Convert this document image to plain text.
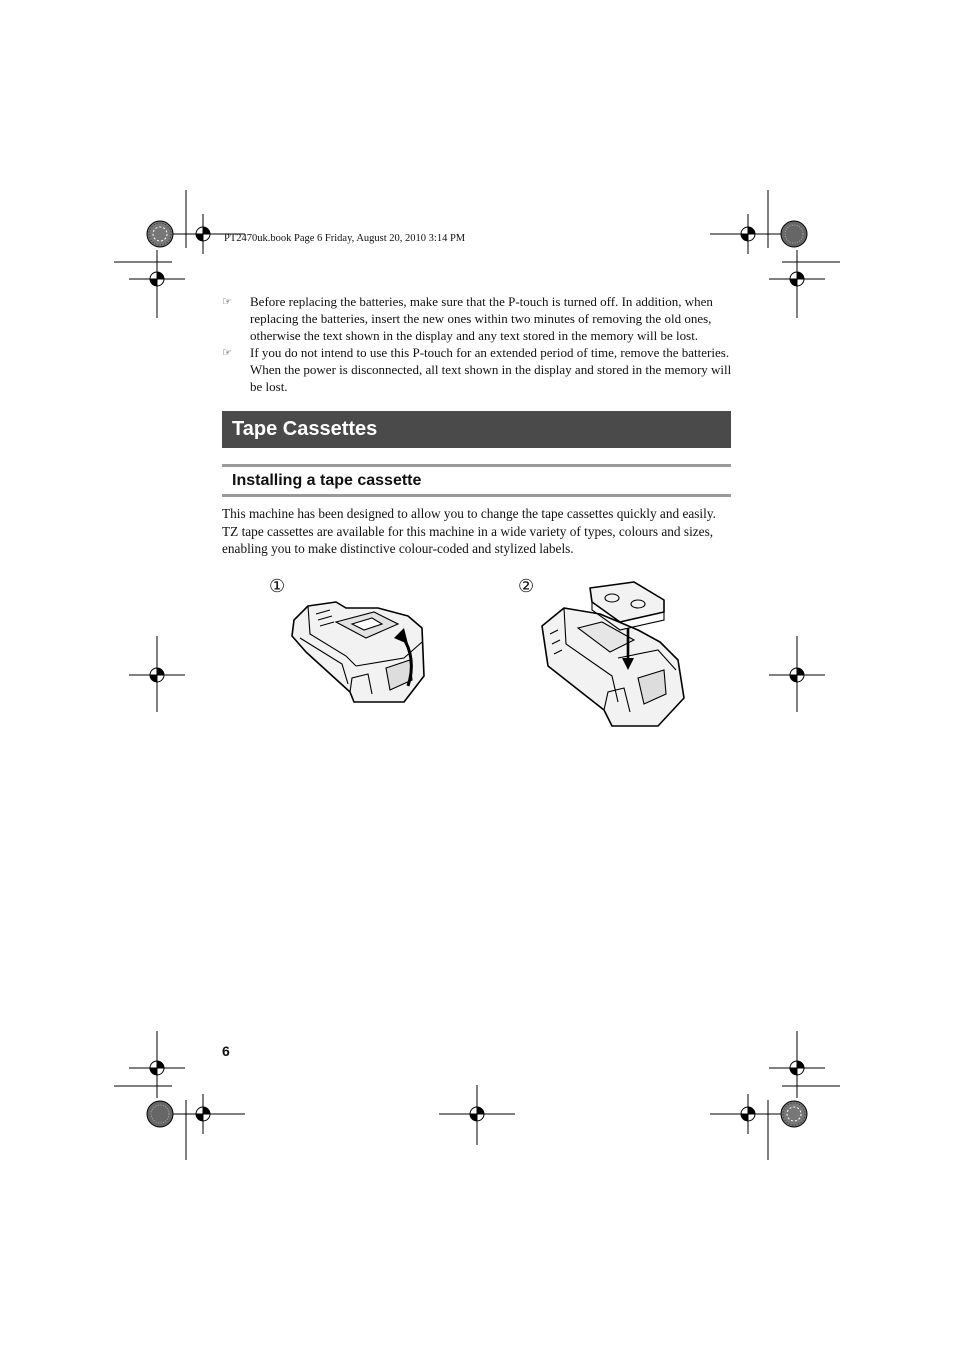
PT2470uk.book Page 6 Friday, August 20, 2010 3:14 PM
☞	Before replacing the batteries, make sure that the P-touch is turned off. In addition, when replacing the batteries, insert the new ones within two minutes of removing the old ones, otherwise the text shown in the display and any text stored in the memory will be lost.
☞	If you do not intend to use this P-touch for an extended period of time, remove the batteries. When the power is disconnected, all text shown in the display and stored in the memory will be lost.
Tape Cassettes
Installing a tape cassette
This machine has been designed to allow you to change the tape cassettes quickly and easily. TZ tape cassettes are available for this machine in a wide variety of types, colours and sizes, enabling you to make distinctive colour-coded and stylized labels.
①	②
6
